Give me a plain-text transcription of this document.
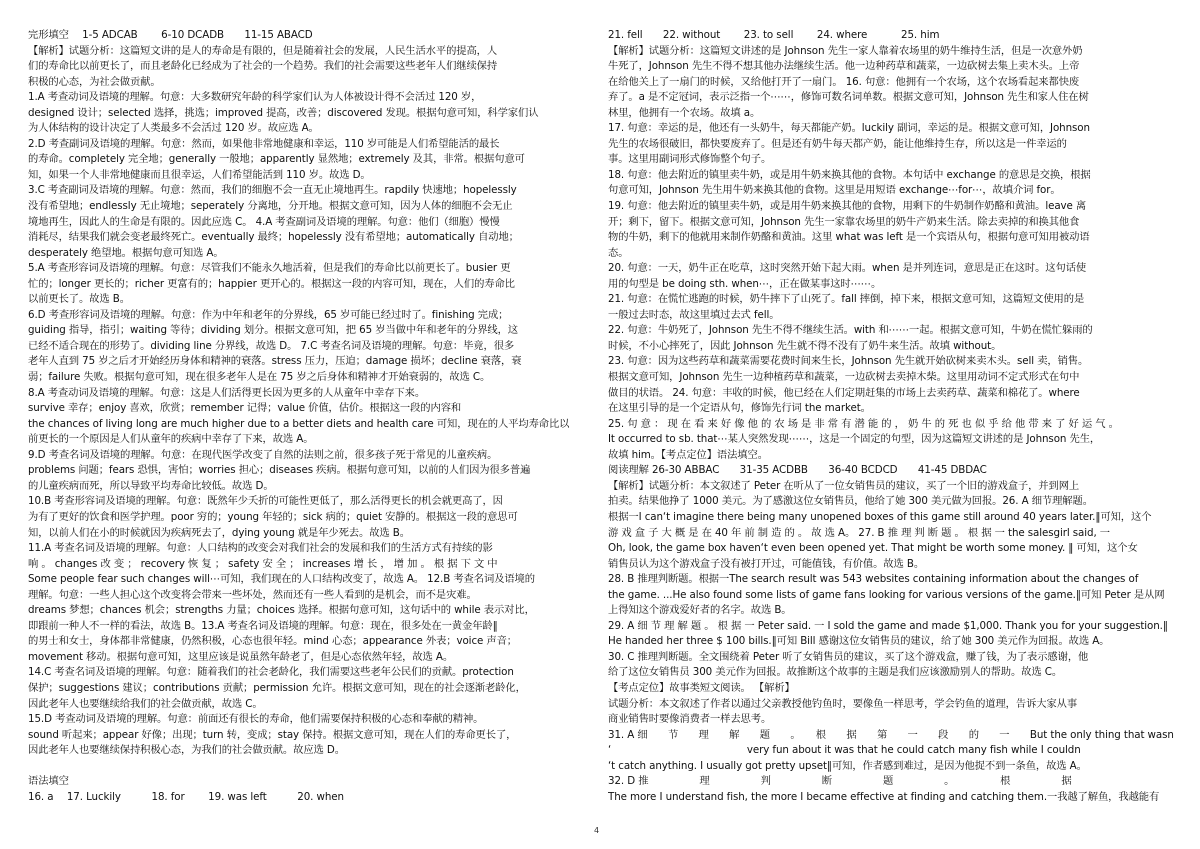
完形填空　 1-5 ADCAB　　 6-10 DCADB　　11-15 ABACD
【解析】试题分析：这篇短文讲的是人的寿命是有限的，但是随着社会的发展，人民生活水平的提高，人
们的寿命比以前更长了，而且老龄化已经成为了社会的一个趋势。我们的社会需要这些老年人们继续保持
积极的心态，为社会做贡献。
1.A 考查动词及语境的理解。句意：大多数研究年龄的科学家们认为人体被设计得不会活过 120 岁，
designed 设计；selected 选择，挑选；improved 提高，改善；discovered 发现。根据句意可知，科学家们认
为人体结构的设计决定了人类最多不会活过 120 岁。故应选 A。
2.D 考查副词及语境的理解。句意：然而，如果他非常地健康和幸运，110 岁可能是人们希望能活的最长
的寿命。completely 完全地；generally 一般地；apparently 显然地；extremely 及其，非常。根据句意可
知，如果一个人非常地健康而且很幸运，人们希望能活到 110 岁。故选 D。
3.C 考查副词及语境的理解。句意：然而，我们的细胞不会一直无止境地再生。rapdily 快速地；hopelessly
没有希望地；endlessly 无止境地；seperately 分离地，分开地。根据文意可知，因为人体的细胞不会无止
境地再生，因此人的生命是有限的。因此应选 C。 4.A 考查副词及语境的理解。句意：他们（细胞）慢慢
消耗尽，结果我们就会变老最终死亡。eventually 最终；hopelessly 没有希望地；automatically 自动地；
desperately 绝望地。根据句意可知选 A。
5.A 考查形容词及语境的理解。句意：尽管我们不能永久地活着，但是我们的寿命比以前更长了。busier 更
忙的；longer 更长的；richer 更富有的；happier 更开心的。根据这一段的内容可知，现在，人们的寿命比
以前更长了。故选 B。
6.D 考查形容词及语境的理解。句意：作为中年和老年的分界线，65 岁可能已经过时了。finishing 完成；
guiding 指导，指引；waiting 等待；dividing 划分。根据文意可知，把 65 岁当做中年和老年的分界线，这
已经不适合现在的形势了。dividing line 分界线，故选 D。 7.C 考查名词及语境的理解。句意：毕竟，很多
老年人直到 75 岁之后才开始经历身体和精神的衰落。stress 压力，压迫；damage 损坏；decline 衰落，衰
弱；failure 失败。根据句意可知，现在很多老年人是在 75 岁之后身体和精神才开始衰弱的，故选 C。
8.A 考查动词及语境的理解。句意：这是人们活得更长因为更多的人从童年中幸存下来。
survive 幸存；enjoy 喜欢，欣赏；remember 记得；value 价值，估价。根据这一段的内容和
the chances of living long are much higher due to a better diets and health care 可知，现在的人平均寿命比以
前更长的一个原因是人们从童年的疾病中幸存了下来，故选 A。
9.D 考查名词及语境的理解。句意：在现代医学改变了自然的法则之前，很多孩子死于常见的儿童疾病。
problems 问题；fears 恐惧，害怕；worries 担心；diseases 疾病。根据句意可知，以前的人们因为很多普遍
的儿童疾病而死，所以导致平均寿命比较低。故选 D。
10.B 考查形容词及语境的理解。句意：既然年少夭折的可能性更低了，那么活得更长的机会就更高了，因
为有了更好的饮食和医学护理。poor 穷的；young 年轻的；sick 病的；quiet 安静的。根据这一段的意思可
知，以前人们在小的时候就因为疾病死去了，dying young 就是年少死去。故选 B。
11.A 考查名词及语境的理解。句意：人口结构的改变会对我们社会的发展和我们的生活方式有持续的影
响 。 changes 改 变 ； recovery 恢 复 ； safety 安 全 ； increases 增 长 ， 增 加 。 根 据 下 文 中
Some people fear such changes will⋯可知，我们现在的人口结构改变了，故选 A。 12.B 考查名词及语境的
理解。句意：一些人担心这个改变将会带来一些坏处，然而还有一些人看到的是机会，而不是灾难。
dreams 梦想；chances 机会；strengths 力量；choices 选择。根据句意可知，这句话中的 while 表示对比，
即跟前一种人不一样的看法，故选 B。13.A 考查名词及语境的理解。句意：现在，很多处在一黄金年龄‖
的男士和女士，身体都非常健康，仍然积极，心态也很年轻。mind 心态；appearance 外表；voice 声音；
movement 移动。根据句意可知，这里应该是说虽然年龄老了，但是心态依然年轻，故选 A。
14.C 考查名词及语境的理解。句意：随着我们的社会老龄化，我们需要这些老年公民们的贡献。protection
保护；suggestions 建议；contributions 贡献；permission 允许。根据文意可知，现在的社会逐渐老龄化，
因此老年人也要继续给我们的社会做贡献，故选 C。
15.D 考查动词及语境的理解。句意：前面还有很长的寿命，他们需要保持积极的心态和奉献的精神。
sound 听起来；appear 好像；出现；turn 转，变成；stay 保持。根据文意可知，现在人们的寿命更长了，
因此老年人也要继续保持积极心态，为我们的社会做贡献。故应选 D。
语法填空
16. a　 17. Luckily　　　18. for　　 19. was left　　　20. when
21. fell　　22. without　　 23. to sell　　 24. where　　　 25. him
【解析】试题分析：这篇短文讲述的是 Johnson 先生一家人靠着农场里的奶牛维持生活，但是一次意外奶
牛死了，Johnson 先生不得不想其他办法继续生活。他一边种药草和蔬菜，一边砍树去集上卖木头。上帝
在给他关上了一扇门的时候，又给他打开了一扇门。 16. 句意：他拥有一个农场，这个农场看起来都快废
弃了。a 是不定冠词，表示泛指一个⋯⋯，修饰可数名词单数。根据文意可知，Johnson 先生和家人住在树
林里，他拥有一个农场。故填 a。
17. 句意：幸运的是，他还有一头奶牛，每天都能产奶。luckily 副词，幸运的是。根据文意可知，Johnson
先生的农场很破旧，都快要废弃了。但是还有奶牛每天都产奶，能让他维持生存，所以这是一件幸运的
事。这里用副词形式修饰整个句子。
18. 句意：他去附近的镇里卖牛奶，或是用牛奶来换其他的食物。本句话中 exchange 的意思是交换，根据
句意可知，Johnson 先生用牛奶来换其他的食物。这里是用短语 exchange⋯for⋯，故填介词 for。
19. 句意：他去附近的镇里卖牛奶，或是用牛奶来换其他的食物，用剩下的牛奶制作奶酪和黄油。leave 离
开；剩下，留下。根据文意可知，Johnson 先生一家靠农场里的奶牛产奶来生活。除去卖掉的和换其他食
物的牛奶，剩下的他就用来制作奶酪和黄油。这里 what was left 是一个宾语从句，根据句意可知用被动语
态。
20. 句意：一天，奶牛正在吃草，这时突然开始下起大雨。when 是并列连词，意思是正在这时。这句话使
用的句型是 be doing sth. when⋯，正在做某事这时⋯⋯。
21. 句意：在慌忙逃跑的时候，奶牛摔下了山死了。fall 摔倒，掉下来，根据文意可知，这篇短文使用的是
一般过去时态，故这里填过去式 fell。
22. 句意：牛奶死了，Johnson 先生不得不继续生活。with 和⋯⋯一起。根据文意可知，牛奶在慌忙躲雨的
时候，不小心摔死了，因此 Johnson 先生就不得不没有了奶牛来生活。故填 without。
23. 句意：因为这些药草和蔬菜需要花费时间来生长，Johnson 先生就开始砍树来卖木头。sell 卖，销售。
根据文意可知，Johnson 先生一边种植药草和蔬菜，一边砍树去卖掉木柴。这里用动词不定式形式在句中
做目的状语。 24. 句意：丰收的时候，他已经在人们定期赶集的市场上去卖药草、蔬菜和棉花了。where
在这里引导的是一个定语从句，修饰先行词 the market。
25. 句 意 ： 现 在 看 来 好 像 他 的 农 场 是 非 常 有 潜 能 的 ， 奶 牛 的 死 也 似 乎 给 他 带 来 了 好 运 气 。
It occurred to sb. that⋯某人突然发现⋯⋯，这是一个固定的句型，因为这篇短文讲述的是 Johnson 先生，
故填 him。【考点定位】语法填空。
阅读理解 26-30 ABBAC　　31-35 ACDBB　　36-40 BCDCD　　41-45 DBDAC
【解析】试题分析：本文叙述了 Peter 在听从了一位女销售员的建议，买了一个旧的游戏盒子，并到网上
拍卖。结果他挣了 1000 美元。为了感激这位女销售员，他给了她 300 美元做为回报。26. A 细节理解题。
根据一I can‘t imagine there being many unopened boxes of this game still around 40 years later.‖可知，这个
游 戏 盒 子 大 概 是 在 40 年 前 制 造 的 。 故 选 A。 27. B 推 理 判 断 题 。 根 据 一 the salesgirl said, 一
Oh, look, the game box haven‘t even been opened yet. That might be worth some money. ‖ 可知，这个女
销售员认为这个游戏盒子没有被打开过，可能值钱，有价值。故选 B。
28. B 推理判断题。根据一The search result was 543 websites containing information about the changes of
the game. ...He also found some lists of game fans looking for various versions of the game.‖可知 Peter 是从网
上得知这个游戏爱好者的名字。故选 B。
29. A 细 节 理 解 题 。 根 据 一 Peter said. 一 I sold the game and made $1,000. Thank you for your suggestion.‖
He handed her three $ 100 bills.‖可知 Bill 感谢这位女销售员的建议，给了她 300 美元作为回报。故选 A。
30. C 推理判断题。全文围绕着 Peter 听了女销售员的建议，买了这个游戏盒，赚了钱，为了表示感谢，他
给了这位女销售员 300 美元作为回报。故推断这个故事的主题是我们应该激励别人的帮助。故选 C。
【考点定位】故事类短文阅读。 【解析】
试题分析：本文叙述了作者以通过父亲教授他钓鱼时，要像鱼一样思考，学会钓鱼的道理，告诉大家从事
商业销售时要像消费者一样去思考。
31. A 细　　节　　理　　解　　题　　。　　根　　据　　第　　一　　段　　的　　一　　But the only thing that wasn
‘　　　　　　　　　　　　　 very fun about it was that he could catch many fish while I couldn
‘t catch anything. I usually got pretty upset‖可知，作者感到难过，是因为他捉不到一条鱼，故选 A。
32. D 推　　　　　理　　　　　判　　　　　断　　　　　题　　　　　。　　　　　根　　　　　据
The more I understand fish, the more I became effective at finding and catching them.一我越了解鱼，我越能有
4
